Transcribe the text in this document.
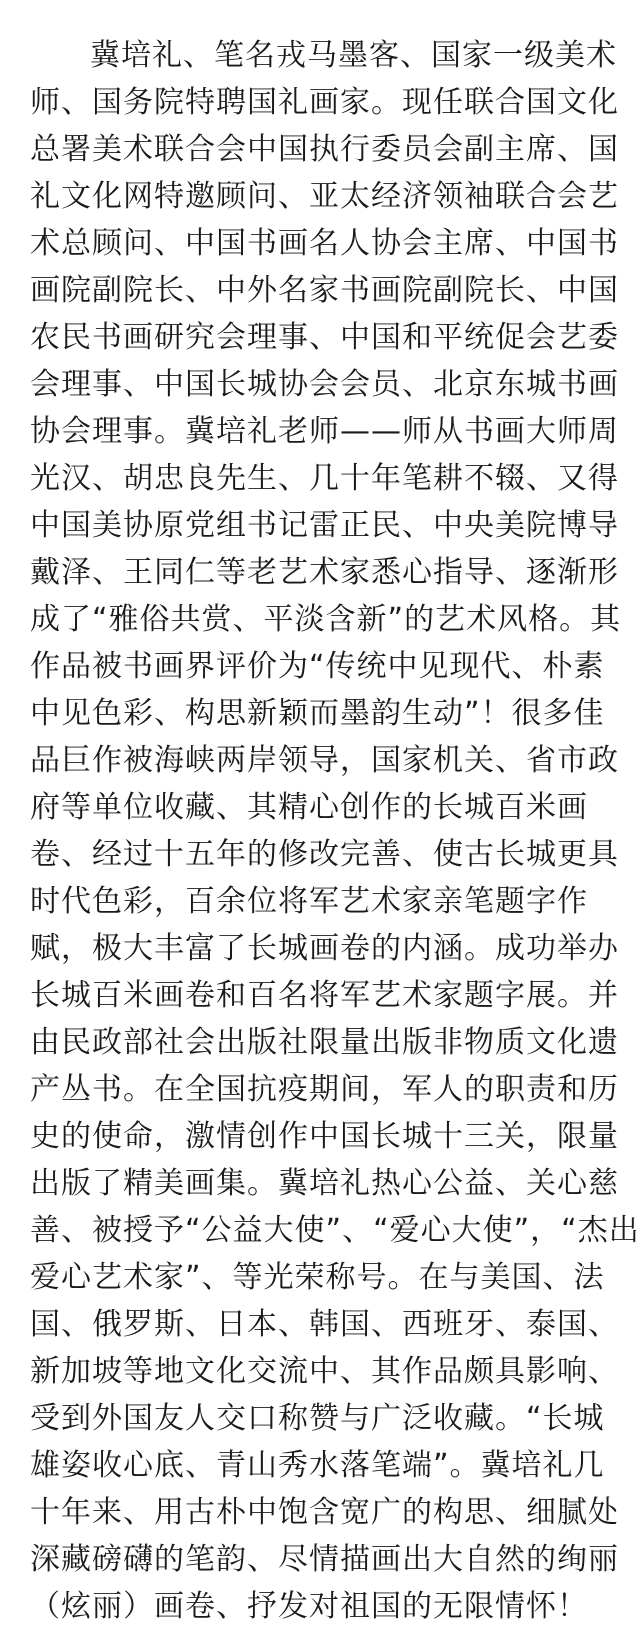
冀培礼、笔名戎马墨客、国家一级美术
师、国务院特聘国礼画家。现任联合国文化
总署美术联合会中国执行委员会副主席、国
礼文化网特邀顾问、亚太经济领袖联合会艺
术总顾问、中国书画名人协会主席、中国书
画院副院长、中外名家书画院副院长、中国
农民书画研究会理事、中国和平统促会艺委
会理事、中国长城协会会员、北京东城书画
协会理事。冀培礼老师——师从书画大师周
光汉、胡忠良先生、几十年笔耕不辍、又得
中国美协原党组书记雷正民、中央美院博导
戴泽、王同仁等老艺术家悉心指导、逐渐形
成了“雅俗共赏、平淡含新”的艺术风格。其
作品被书画界评价为“传统中见现代、朴素
中见色彩、构思新颖而墨韵生动”！很多佳
品巨作被海峡两岸领导，国家机关、省市政
府等单位收藏、其精心创作的长城百米画
卷、经过十五年的修改完善、使古长城更具
时代色彩，百余位将军艺术家亲笔题字作
赋，极大丰富了长城画卷的内涵。成功举办
长城百米画卷和百名将军艺术家题字展。并
由民政部社会出版社限量出版非物质文化遗
产丛书。在全国抗疫期间，军人的职责和历
史的使命，激情创作中国长城十三关，限量
出版了精美画集。冀培礼热心公益、关心慈
善、被授予“公益大使”、“爱心大使”，“杰出
爱心艺术家”、等光荣称号。在与美国、法
国、俄罗斯、日本、韩国、西班牙、泰国、
新加坡等地文化交流中、其作品颇具影响、
受到外国友人交口称赞与广泛收藏。“长城
雄姿收心底、青山秀水落笔端”。冀培礼几
十年来、用古朴中饱含宽广的构思、细腻处
深藏磅礴的笔韵、尽情描画出大自然的绚丽
（炫丽）画卷、抒发对祖国的无限情怀！
